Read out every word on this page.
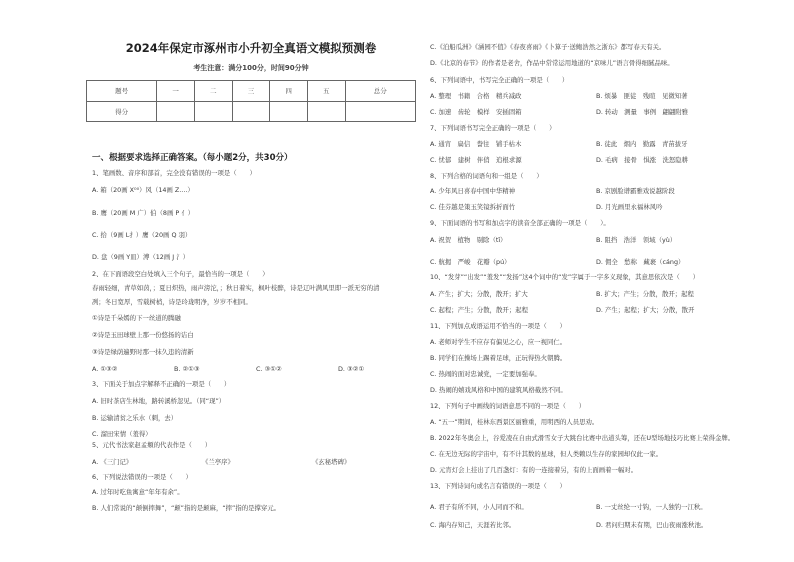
2024年保定市涿州市小升初全真语文模拟预测卷
考生注意：满分100分，时间90分钟
题号	一	二	三	四	五	总分
得分						
一、根据要求选择正确答案。（每小题2分，共30分）
1、笔画数、音序和部首，完全没有错误的一项是（　　）
A. 箱（20画 X⁰⁰）风（14画 Z....）
B. 鹰（20画 M 广）伯（8画 P 亻）
C. 拾（9画 L扌）鹰（20画 Q 羽）
D. 盘（9画 Y皿）溥（12画 J 氵）
2、在下面语段空白处填入三个句子，最恰当的一项是（　　）
春雨轻细，青草如茵，；夏日炽热，雨声滂沱，；秋日着实，枫叶枝醉，诗是辽叶满风里即一派无穷的清
冽；冬日宽厚，雪载树梢，诗是玲珑明净，岁岁不相同。
①诗是千朵嫣的下一丝道的腾融
②诗是玉田球壁上那一份悠扬的诘白
③诗是绿荫遍野时那一抹久违的清新
3、下面关于加点字解释不正确的一项是（　　）
A. 旧时茶店生林地，路转溪桥忽见。（同“现”）
B. 运输清贫之乐水（刺，去）
C. 溜田宋情（羞得）
5、元代书法家赵孟頫的代表作是（　　）
A. 《三门记》	《兰亭序》	《玄秘塔碑》
6、下列说法错误的一项是（　　）
A. 过年时吃鱼寓意“年年有余”。
B. 人们常说的“颠倒摔舞”，“颠”指的是颠麻，“摔”指的是撑穿元。
A. ①③②	B. ②①③	C. ③①②	D. ③②①
C.《泊船瓜洲》《涵园不值》《春夜喜雨》《卜算子·送鲍浩然之浙东》都写春天有关。
D.《北京的春节》的作者是老舍，作品中常常运用地道的“京味儿”语言骨得细腻品味。
6、下列词语中，书写完全正确的一项是（　　）
A. 整理　书籍　合格　精兵减政	B. 烦暴　匪徒　残暄　见微知著
C. 加速　齿轮　模样　安插固箱	D. 转动　测量　事例　翩翩附雅
7、下列词语书写完全正确的一项是（　　）
A. 通宵　扁信　誊往　铺手枯木	B. 徒此　烟内　勤露　青苗拔牙
C. 忧郁　建树　伴俏　追根求源	D. 毛病　接骨　惧涨　洗怒隐耕
8、下列合格的词语句和一组是（　　）
A. 少年风日喜春中国中华精神	B. 京剧脸谱霸雅戏说越阶段
C. 佳芬越是策玉笑镜拆折面竹	D. 月光画里永福林风吟
9、下面词语的书写和加点字的读音全部正确的一项是（　　）。
A. 祝贺　植物　剔除（tī）	B. 阻挡　浩洋　领域（yù）
C. 航揭　严峻　花瓣（pú）	D. 佣全　愁称　藏裹（cáng）
10、“发芽”“出发”“羞发”“发扬”这4个词中的“发”字属于一字多义现象，其意思依次是（　　）
A. 产生；扩大；分散，散开；扩大	B. 扩大；产生；分散，散开；起程
C. 起程；产生；分散，散开；起程	D. 产生；起程；扩大；分散，散开
11、下列加点成语运用不恰当的一项是（　　）
A. 老师对学生不应存有偏见之心，应一视同仁。
B. 同学们在操场上踢着足球，正玩得热火朝腾。
C. 热闹的面对忠诚党，一定要加强奉。
D. 热闹的嬉戏风格和中国的建筑风格截然不同。
12、下列句子中画线的词语意思不同的一项是（　　）
A. “五一”期间，桂林东西景区丽雅重，用明西的人员思劝。
B. 2022年冬奥会上，谷爱凌在自由式滑雪女子大跳台比赛中出道头筹，还在U型场地技巧比赛上荣得金牌。
C. 在无边无际的宇宙中，有不计其数的星球，但人类赖以生存的家园却仅此一家。
D. 元宵灯会上挂出了几百盏灯：有的一连接着另，有的上面画着一幅对。
13、下列诗词句或名言有错误的一项是（　　）
A. 君子有所不同，小人同而不和。	B. 一丈丝纶一寸钩，一人独钓一江秋。
C. 海内存知己，天涯若比邻。	D. 君问归期未有期，巴山夜雨涨秋池。
